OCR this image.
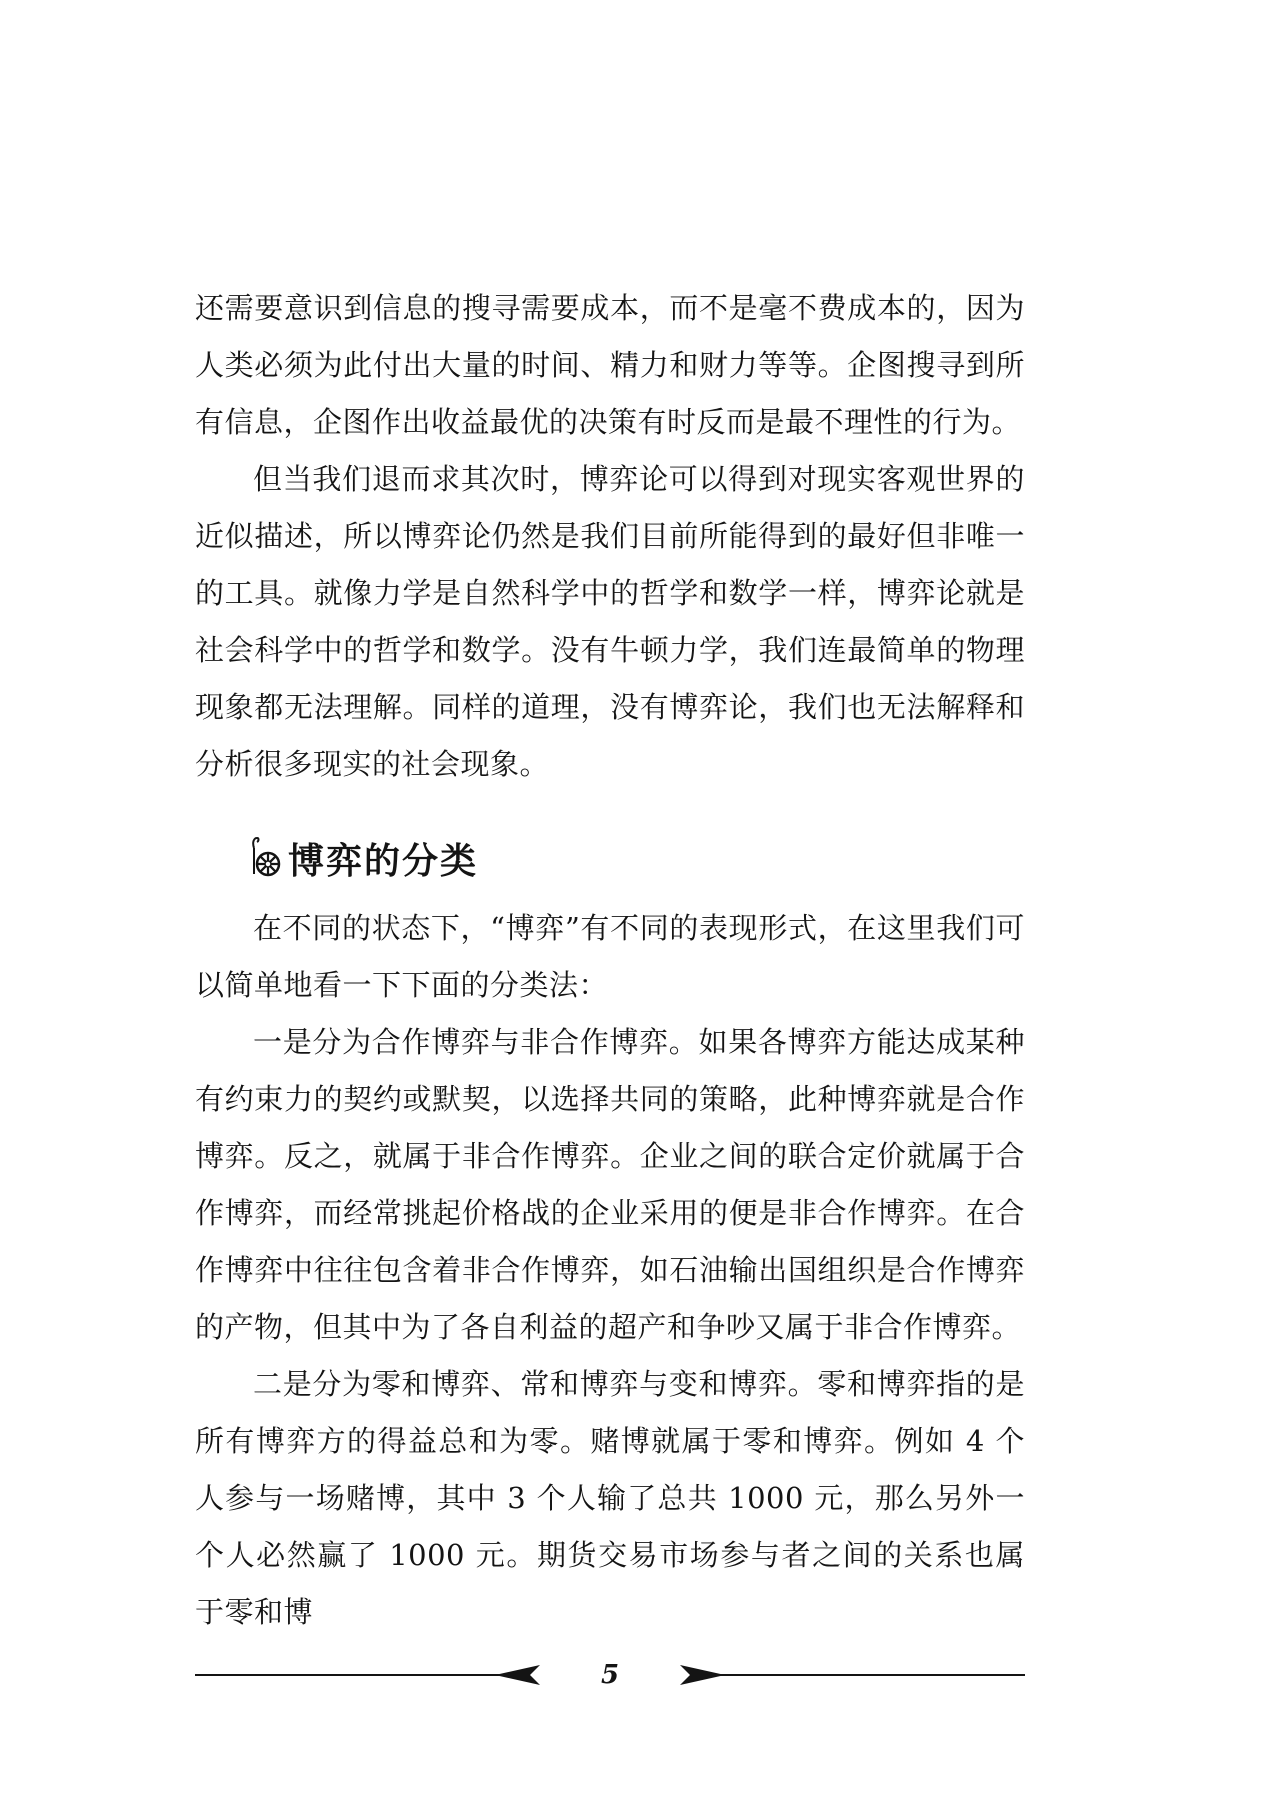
还需要意识到信息的搜寻需要成本，而不是毫不费成本的，因为人类必须为此付出大量的时间、精力和财力等等。企图搜寻到所有信息，企图作出收益最优的决策有时反而是最不理性的行为。

但当我们退而求其次时，博弈论可以得到对现实客观世界的近似描述，所以博弈论仍然是我们目前所能得到的最好但非唯一的工具。就像力学是自然科学中的哲学和数学一样，博弈论就是社会科学中的哲学和数学。没有牛顿力学，我们连最简单的物理现象都无法理解。同样的道理，没有博弈论，我们也无法解释和分析很多现实的社会现象。

博弈的分类

在不同的状态下，“博弈”有不同的表现形式，在这里我们可以简单地看一下下面的分类法：

一是分为合作博弈与非合作博弈。如果各博弈方能达成某种有约束力的契约或默契，以选择共同的策略，此种博弈就是合作博弈。反之，就属于非合作博弈。企业之间的联合定价就属于合作博弈，而经常挑起价格战的企业采用的便是非合作博弈。在合作博弈中往往包含着非合作博弈，如石油输出国组织是合作博弈的产物，但其中为了各自利益的超产和争吵又属于非合作博弈。

二是分为零和博弈、常和博弈与变和博弈。零和博弈指的是所有博弈方的得益总和为零。赌博就属于零和博弈。例如 4 个人参与一场赌博，其中 3 个人输了总共 1000 元，那么另外一个人必然赢了 1000 元。期货交易市场参与者之间的关系也属于零和博

5
